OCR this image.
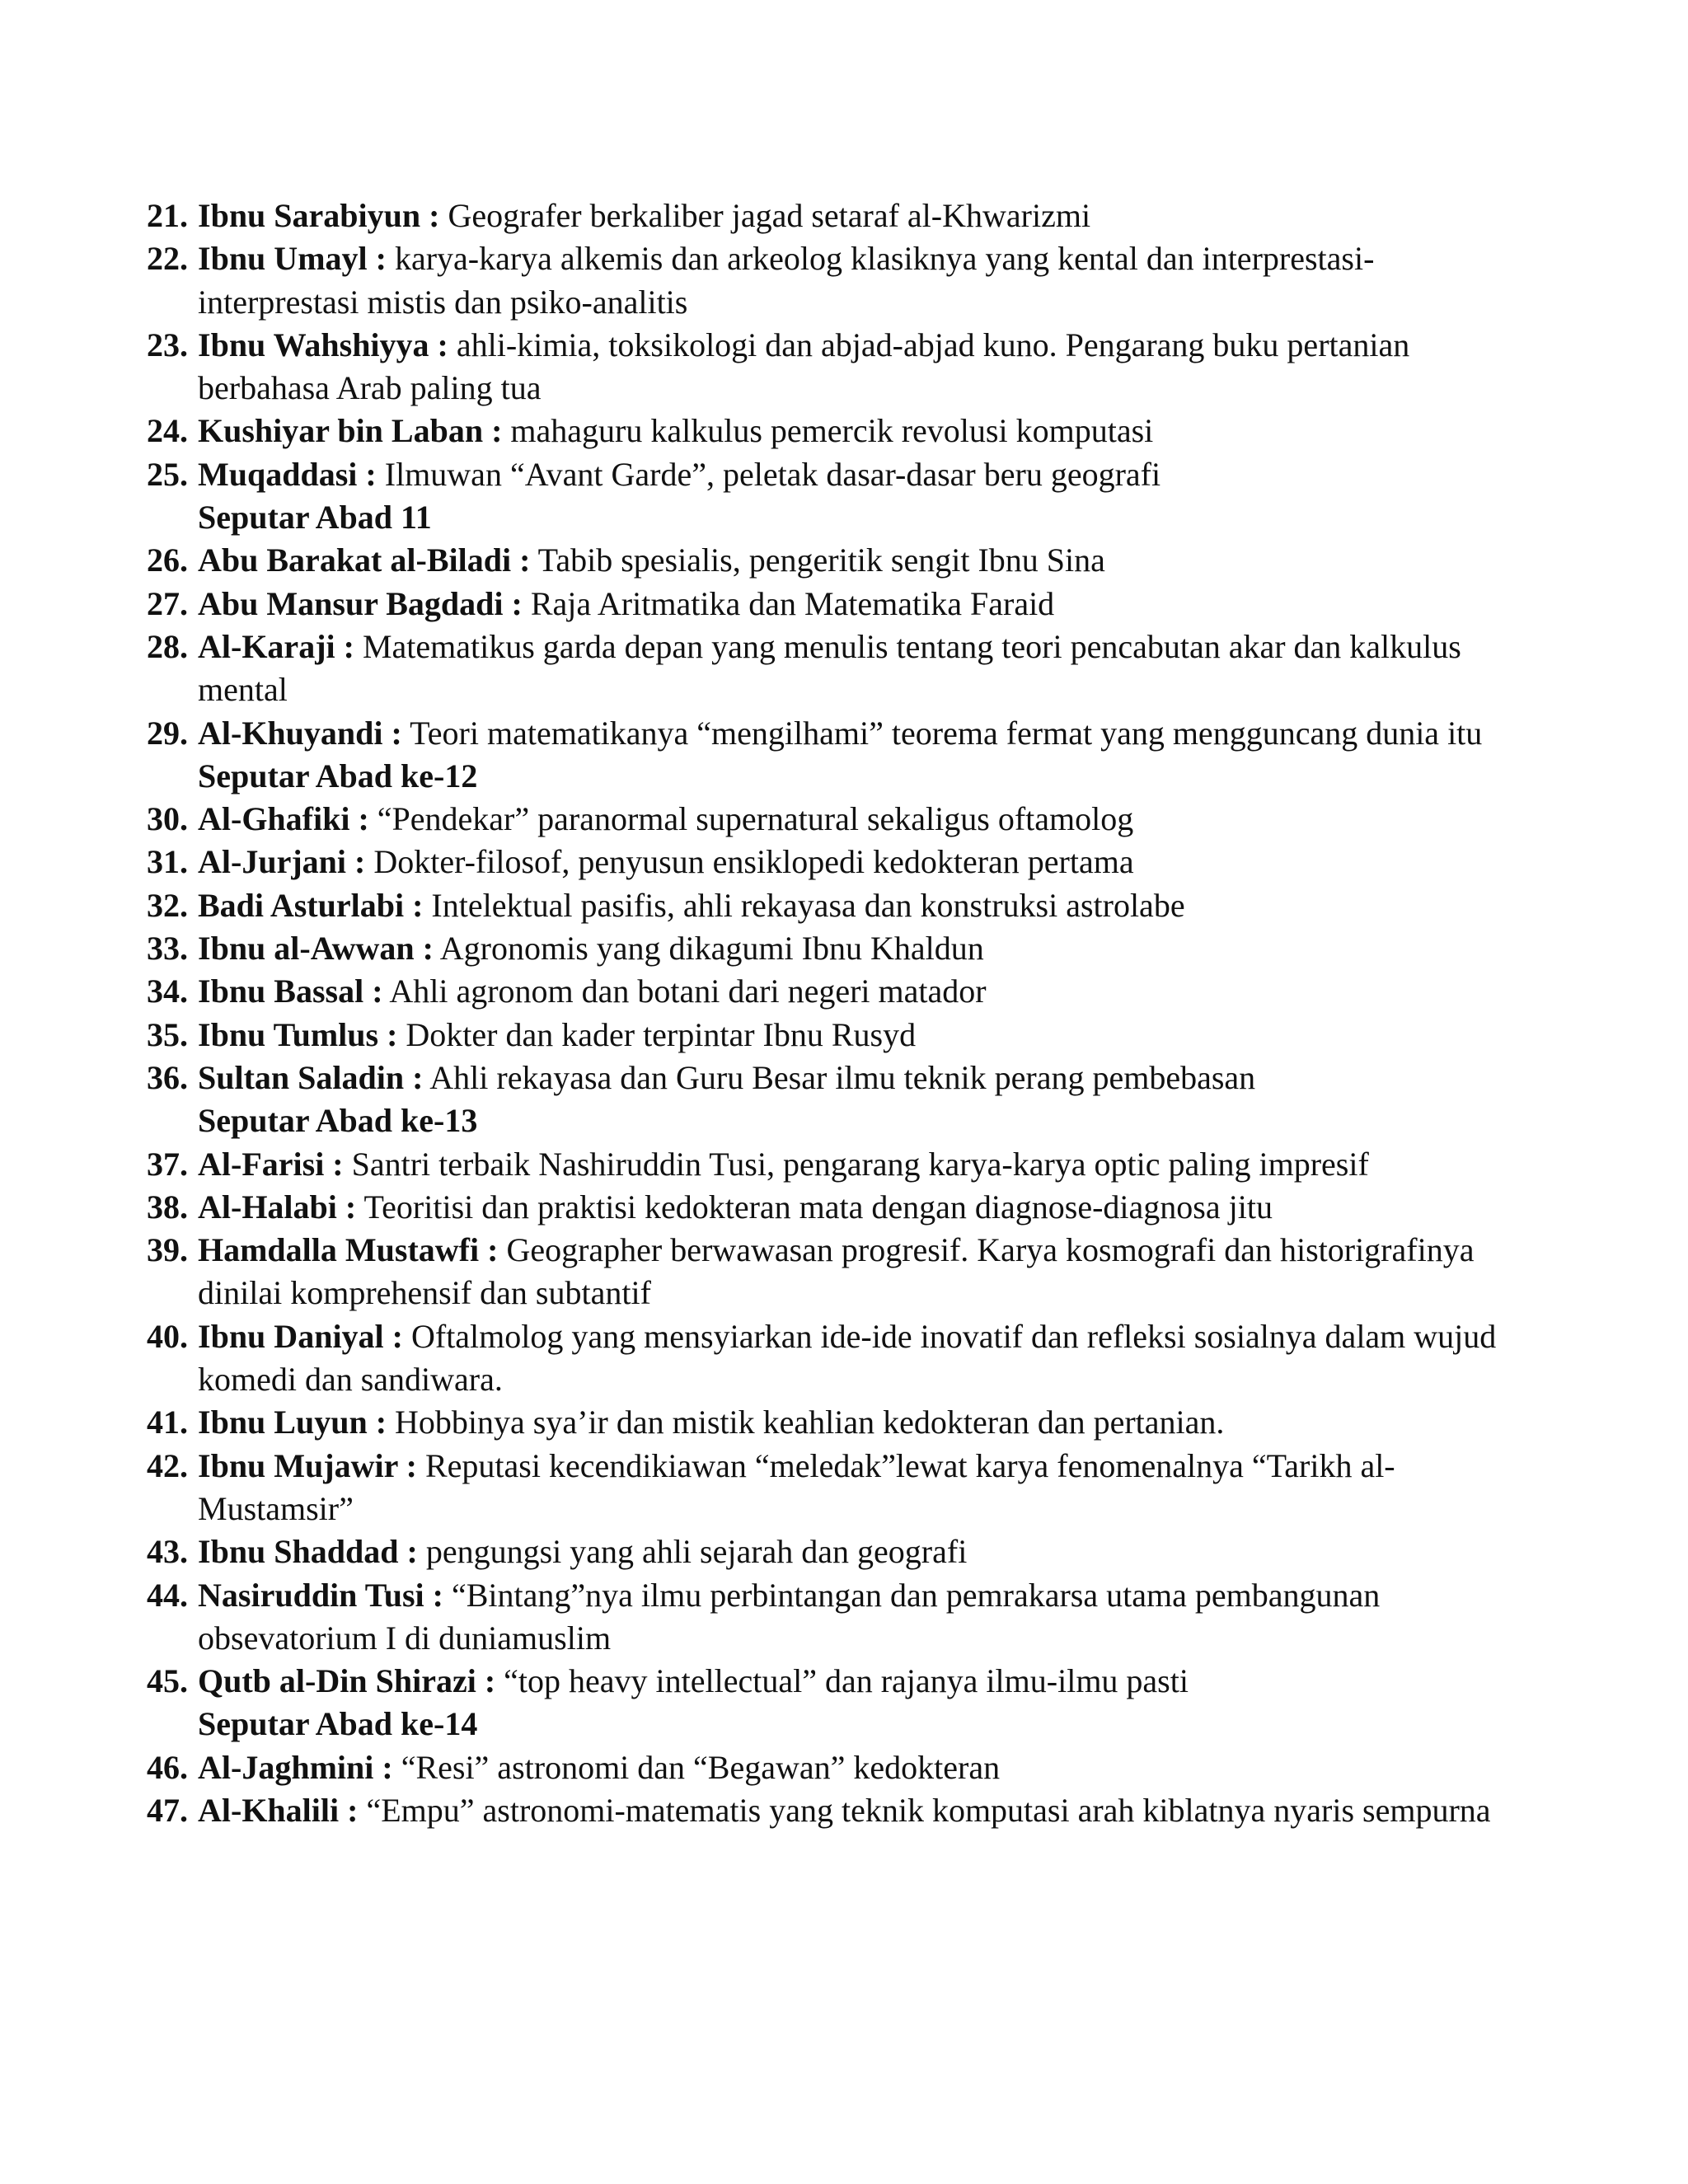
21. Ibnu Sarabiyun : Geografer berkaliber jagad setaraf al-Khwarizmi
22. Ibnu Umayl : karya-karya alkemis dan arkeolog klasiknya yang kental dan interprestasi-interprestasi mistis dan psiko-analitis
23. Ibnu Wahshiyya : ahli-kimia, toksikologi dan abjad-abjad kuno. Pengarang buku pertanian berbahasa Arab paling tua
24. Kushiyar bin Laban : mahaguru kalkulus pemercik revolusi komputasi
25. Muqaddasi : Ilmuwan “Avant Garde”, peletak dasar-dasar beru geografi
Seputar Abad 11
26. Abu Barakat al-Biladi : Tabib spesialis, pengeritik sengit Ibnu Sina
27. Abu Mansur Bagdadi : Raja Aritmatika dan Matematika Faraid
28. Al-Karaji : Matematikus garda depan yang menulis tentang teori pencabutan akar dan kalkulus mental
29. Al-Khuyandi : Teori matematikanya “mengilhami” teorema fermat yang mengguncang dunia itu
Seputar Abad ke-12
30. Al-Ghafiki : “Pendekar” paranormal supernatural sekaligus oftamolog
31. Al-Jurjani : Dokter-filosof, penyusun ensiklopedi kedokteran pertama
32. Badi Asturlabi : Intelektual pasifis, ahli rekayasa dan konstruksi astrolabe
33. Ibnu al-Awwan : Agronomis yang dikagumi Ibnu Khaldun
34. Ibnu Bassal : Ahli agronom dan botani dari negeri matador
35. Ibnu Tumlus : Dokter dan kader terpintar Ibnu Rusyd
36. Sultan Saladin : Ahli rekayasa dan Guru Besar ilmu teknik perang pembebasan
Seputar Abad ke-13
37. Al-Farisi : Santri terbaik Nashiruddin Tusi, pengarang karya-karya optic paling impresif
38. Al-Halabi : Teoritisi dan praktisi kedokteran mata dengan diagnose-diagnosa jitu
39. Hamdalla Mustawfi : Geographer berwawasan progresif. Karya kosmografi dan historigrafinya dinilai komprehensif dan subtantif
40. Ibnu Daniyal : Oftalmolog yang mensyiarkan ide-ide inovatif dan refleksi sosialnya dalam wujud komedi dan sandiwara.
41. Ibnu Luyun : Hobbinya sya’ir dan mistik keahlian kedokteran dan pertanian.
42. Ibnu Mujawir : Reputasi kecendikiawan “meledak”lewat karya fenomenalnya “Tarikh al-Mustamsir”
43. Ibnu Shaddad : pengungsi yang ahli sejarah dan geografi
44. Nasiruddin Tusi : “Bintang”nya ilmu perbintangan dan pemrakarsa utama pembangunan obsevatorium I di duniamuslim
45. Qutb al-Din Shirazi : “top heavy intellectual” dan rajanya ilmu-ilmu pasti
Seputar Abad ke-14
46. Al-Jaghmini : “Resi” astronomi dan “Begawan” kedokteran
47. Al-Khalili : “Empu” astronomi-matematis yang teknik komputasi arah kiblatnya nyaris sempurna
